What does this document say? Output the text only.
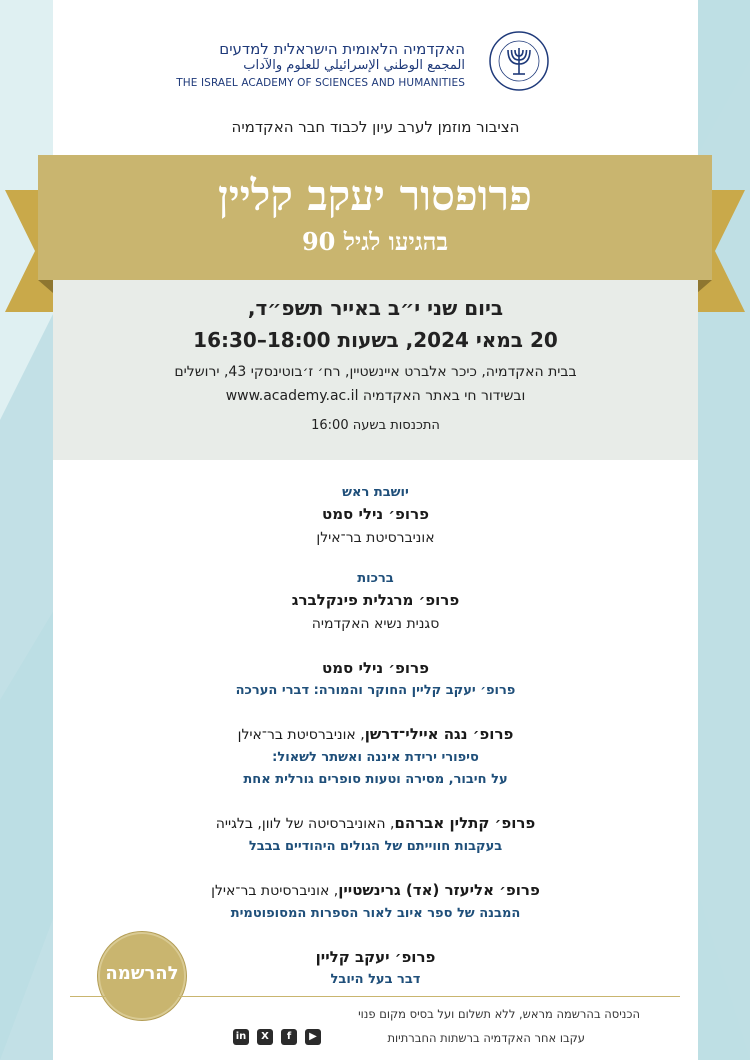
האקדמיה הלאומית הישראלית למדעים
المجمع الوطني الإسرائيلي للعلوم والآداب
THE ISRAEL ACADEMY OF SCIENCES AND HUMANITIES
הציבור מוזמן לערב עיון לכבוד חבר האקדמיה
פרופסור יעקב קליין
בהגיעו לגיל 90
ביום שני י״ב באייר תשפ״ד,
20 במאי 2024, בשעות 18:00–16:30
בבית האקדמיה, כיכר אלברט איינשטיין, רח׳ ז׳בוטינסקי 43, ירושלים
ובשידור חי באתר האקדמיה www.academy.ac.il
התכנסות בשעה 16:00
יושבת ראש
פרופ׳ נילי סמט
אוניברסיטת בר־אילן
ברכות
פרופ׳ מרגלית פינקלברג
סגנית נשיא האקדמיה
פרופ׳ נילי סמט
פרופ׳ יעקב קליין החוקר והמורה: דברי הערכה
פרופ׳ נגה איילי־דרשן, אוניברסיטת בר־אילן
סיפורי ירידת איננה ואשתר לשאול:
על חיבור, מסירה וטעות סופרים גורלית אחת
פרופ׳ קתלין אברהם, האוניברסיטה של לוון, בלגייה
בעקבות חווייתם של הגולים היהודיים בבבל
פרופ׳ אליעזר (אד) גרינשטיין, אוניברסיטת בר־אילן
המבנה של ספר איוב לאור הספרות המסופוטמית
פרופ׳ יעקב קליין
דבר בעל היובל
להרשמה
הכניסה בהרשמה מראש, ללא תשלום ועל בסיס מקום פנוי
עקבו אחר האקדמיה ברשתות החברתיות
▶
f
X
in
